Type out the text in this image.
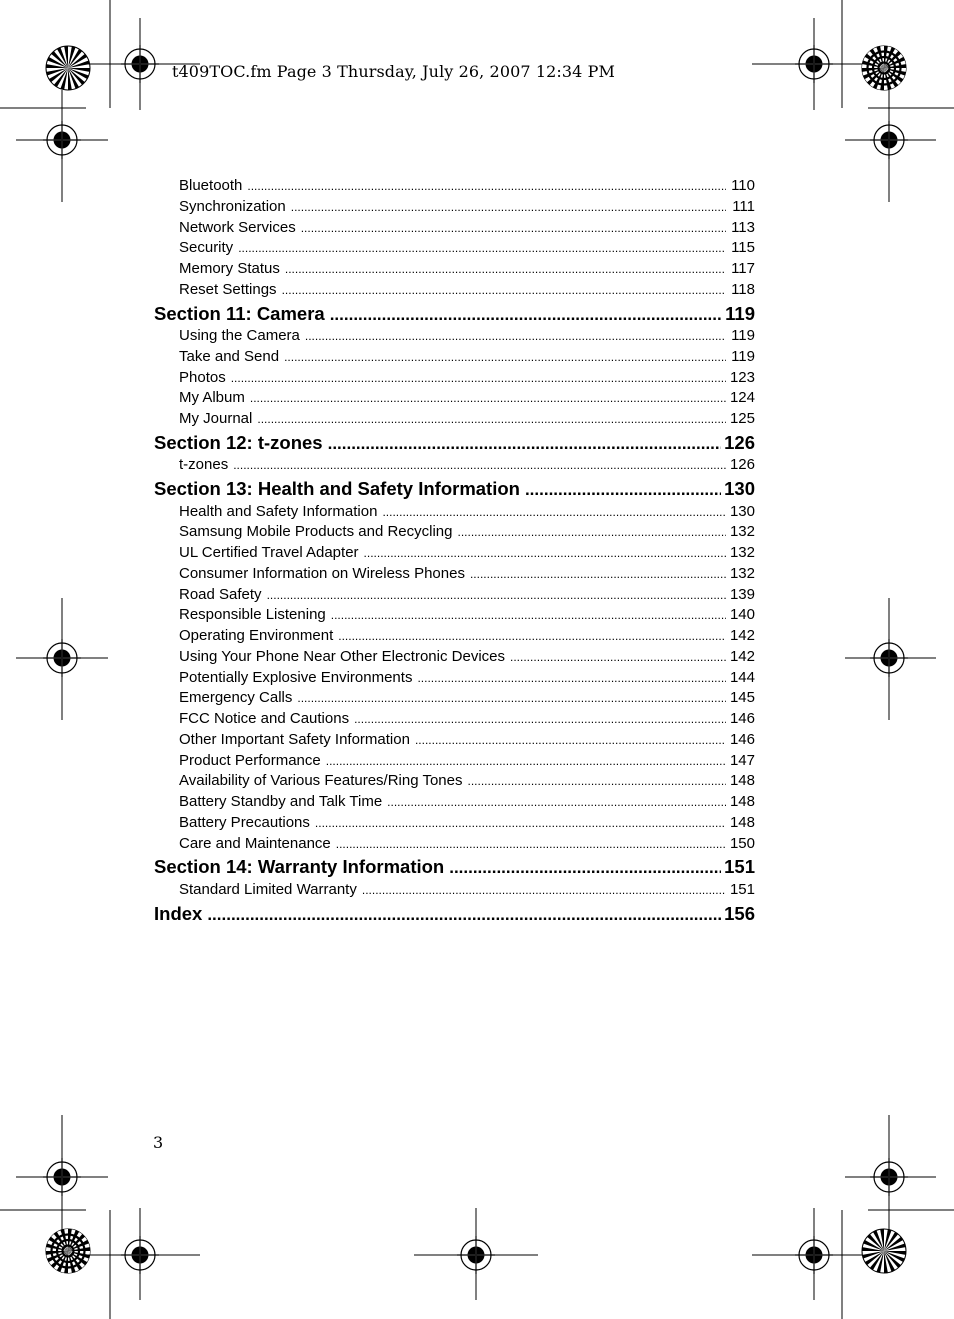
t409TOC.fm Page 3 Thursday, July 26, 2007 12:34 PM
Bluetooth .....	110
Synchronization .....	111
Network Services .....	113
Security .....	115
Memory Status .....	117
Reset Settings .....	118
Section 11: Camera .....	119
Using the Camera .....	119
Take and Send .....	119
Photos .....	123
My Album .....	124
My Journal .....	125
Section 12: t-zones .....	126
t-zones .....	126
Section 13: Health and Safety Information .....	130
Health and Safety Information .....	130
Samsung Mobile Products and Recycling .....	132
UL Certified Travel Adapter .....	132
Consumer Information on Wireless Phones .....	132
Road Safety .....	139
Responsible Listening .....	140
Operating Environment .....	142
Using Your Phone Near Other Electronic Devices .....	142
Potentially Explosive Environments .....	144
Emergency Calls .....	145
FCC Notice and Cautions .....	146
Other Important Safety Information .....	146
Product Performance .....	147
Availability of Various Features/Ring Tones .....	148
Battery Standby and Talk Time .....	148
Battery Precautions .....	148
Care and Maintenance .....	150
Section 14: Warranty Information .....	151
Standard Limited Warranty .....	151
Index .....	156
3
